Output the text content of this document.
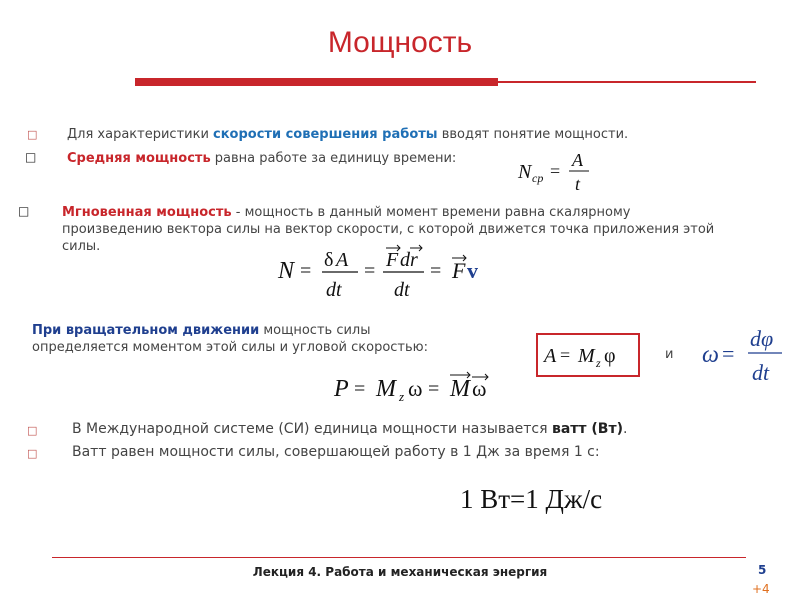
Мощность
□ Для характеристики скорости совершения работы вводят понятие мощности.
□ Средняя мощность равна работе за единицу времени:
N cp =
A
t
□	Мгновенная мощность - мощность в данный момент времени равна скалярному
произведению вектора силы на вектор скорости, с которой движется точка приложения этой
силы.
N = δ A
dt
= F dr
dt
= F v
При вращательном движении мощность силы
определяется моментом этой силы и угловой скоростью:	A = M z φ	и ω =
dφ
dt
P = M z ω = M ω
□ В Международной системе (СИ) единица мощности называется ватт (Вт).
□ Ватт равен мощности силы, совершающей работу в 1 Дж за время 1 с:
1 Вт=1 Дж/с
Лекция 4. Работа и механическая энергия	5
+4
